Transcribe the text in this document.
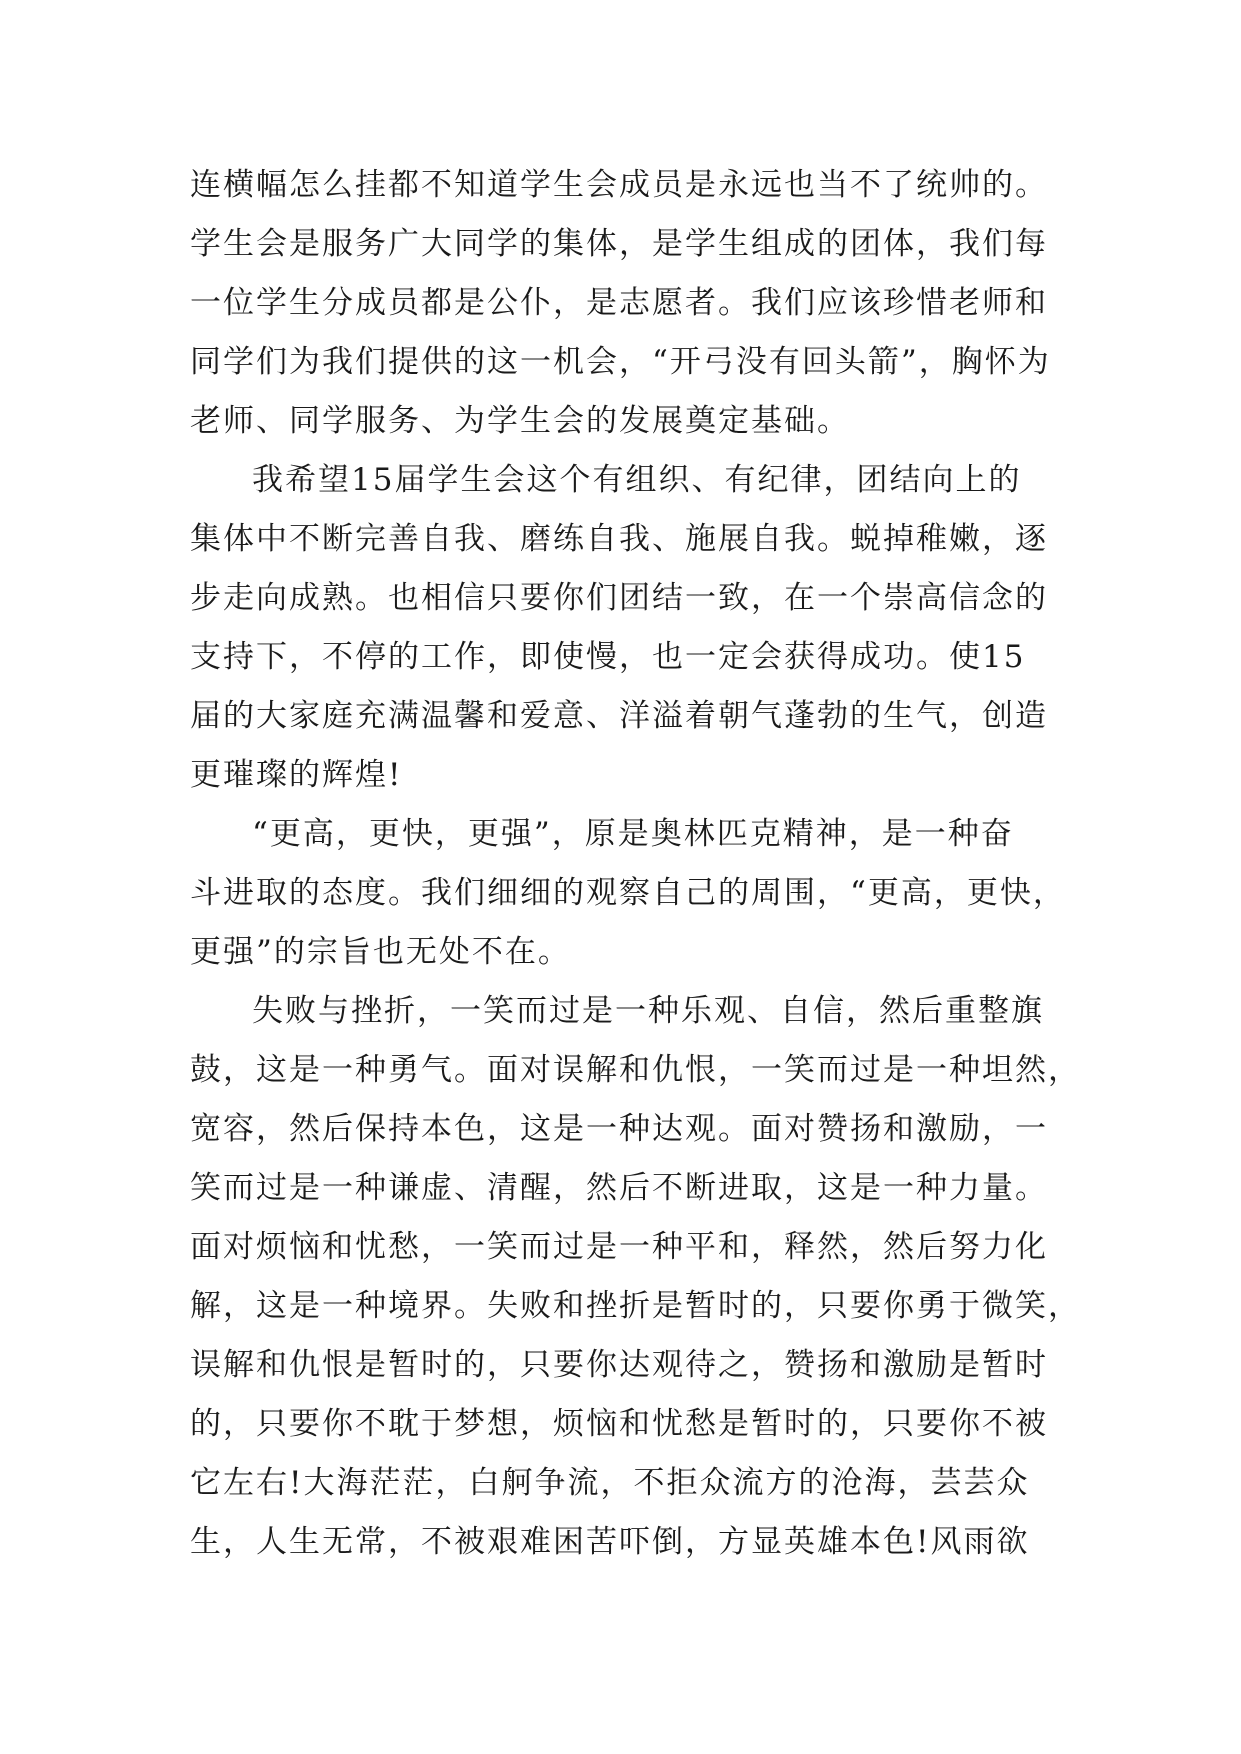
连横幅怎么挂都不知道学生会成员是永远也当不了统帅的。
学生会是服务广大同学的集体，是学生组成的团体，我们每
一位学生分成员都是公仆，是志愿者。我们应该珍惜老师和
同学们为我们提供的这一机会，“开弓没有回头箭”，胸怀为
老师、同学服务、为学生会的发展奠定基础。
我希望15届学生会这个有组织、有纪律，团结向上的
集体中不断完善自我、磨练自我、施展自我。蜕掉稚嫩，逐
步走向成熟。也相信只要你们团结一致，在一个崇高信念的
支持下，不停的工作，即使慢，也一定会获得成功。使15
届的大家庭充满温馨和爱意、洋溢着朝气蓬勃的生气，创造
更璀璨的辉煌!
“更高，更快，更强”，原是奥林匹克精神，是一种奋
斗进取的态度。我们细细的观察自己的周围，“更高，更快，
更强”的宗旨也无处不在。
失败与挫折，一笑而过是一种乐观、自信，然后重整旗
鼓，这是一种勇气。面对误解和仇恨，一笑而过是一种坦然，
宽容，然后保持本色，这是一种达观。面对赞扬和激励，一
笑而过是一种谦虚、清醒，然后不断进取，这是一种力量。
面对烦恼和忧愁，一笑而过是一种平和，释然，然后努力化
解，这是一种境界。失败和挫折是暂时的，只要你勇于微笑，
误解和仇恨是暂时的，只要你达观待之，赞扬和激励是暂时
的，只要你不耽于梦想，烦恼和忧愁是暂时的，只要你不被
它左右!大海茫茫，白舸争流，不拒众流方的沧海，芸芸众
生，人生无常，不被艰难困苦吓倒，方显英雄本色!风雨欲
